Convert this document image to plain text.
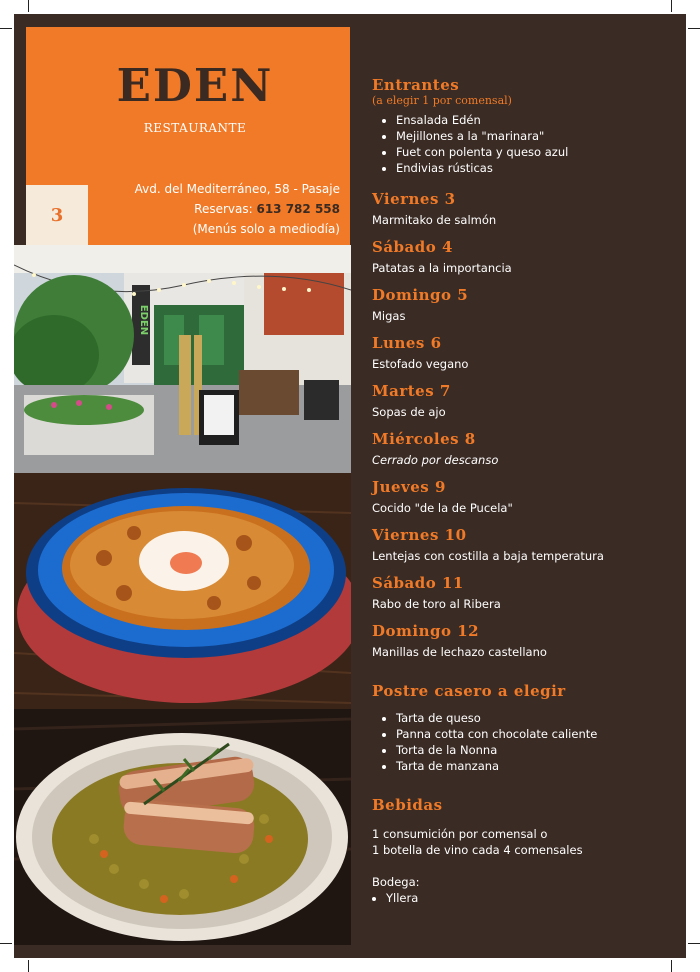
EDEN
RESTAURANTE
Avd. del Mediterráneo, 58 - Pasaje
Reservas: 613 782 558
(Menús solo a mediodía)
3
EDEN
Entrantes
(a elegir 1 por comensal)
• Ensalada Edén
• Mejillones a la "marinara"
• Fuet con polenta y queso azul
• Endivias rústicas
Viernes 3
Marmitako de salmón
Sábado 4
Patatas a la importancia
Domingo 5
Migas
Lunes 6
Estofado vegano
Martes 7
Sopas de ajo
Miércoles 8
Cerrado por descanso
Jueves 9
Cocido "de la de Pucela"
Viernes 10
Lentejas con costilla a baja temperatura
Sábado 11
Rabo de toro al Ribera
Domingo 12
Manillas de lechazo castellano
Postre casero a elegir
• Tarta de queso
• Panna cotta con chocolate caliente
• Torta de la Nonna
• Tarta de manzana
Bebidas
1 consumición por comensal o
1 botella de vino cada 4 comensales
Bodega:
• Yllera
